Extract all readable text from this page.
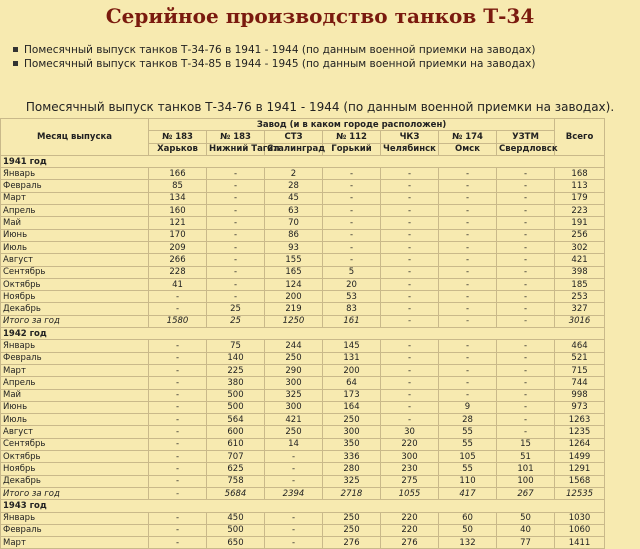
Серийное производство танков Т-34
Помесячный выпуск танков Т-34-76 в 1941 - 1944 (по данным военной приемки на заводах)
Помесячный выпуск танков Т-34-85 в 1944 - 1945 (по данным военной приемки на заводах)
Помесячный выпуск танков Т-34-76 в 1941 - 1944 (по данным военной приемки на заводах).
Месяц выпуска	Завод (и в каком городе расположен)							Всего
	№ 183	№ 183	СТЗ	№ 112	ЧКЗ	№ 174	УЗТМ	
	Харьков	Нижний Тагил	Сталинград	Горький	Челябинск	Омск	Свердловск	
1941 год								
Январь	166	-	2	-	-	-	-	168
Февраль	85	-	28	-	-	-	-	113
Март	134	-	45	-	-	-	-	179
Апрель	160	-	63	-	-	-	-	223
Май	121	-	70	-	-	-	-	191
Июнь	170	-	86	-	-	-	-	256
Июль	209	-	93	-	-	-	-	302
Август	266	-	155	-	-	-	-	421
Сентябрь	228	-	165	5	-	-	-	398
Октябрь	41	-	124	20	-	-	-	185
Ноябрь	-	-	200	53	-	-	-	253
Декабрь	-	25	219	83	-	-	-	327
Итого за год	1580	25	1250	161	-	-	-	3016
1942 год								
Январь	-	75	244	145	-	-	-	464
Февраль	-	140	250	131	-	-	-	521
Март	-	225	290	200	-	-	-	715
Апрель	-	380	300	64	-	-	-	744
Май	-	500	325	173	-	-	-	998
Июнь	-	500	300	164	-	9	-	973
Июль	-	564	421	250	-	28	-	1263
Август	-	600	250	300	30	55	-	1235
Сентябрь	-	610	14	350	220	55	15	1264
Октябрь	-	707	-	336	300	105	51	1499
Ноябрь	-	625	-	280	230	55	101	1291
Декабрь	-	758	-	325	275	110	100	1568
Итого за год	-	5684	2394	2718	1055	417	267	12535
1943 год								
Январь	-	450	-	250	220	60	50	1030
Февраль	-	500	-	250	220	50	40	1060
Март	-	650	-	276	276	132	77	1411
